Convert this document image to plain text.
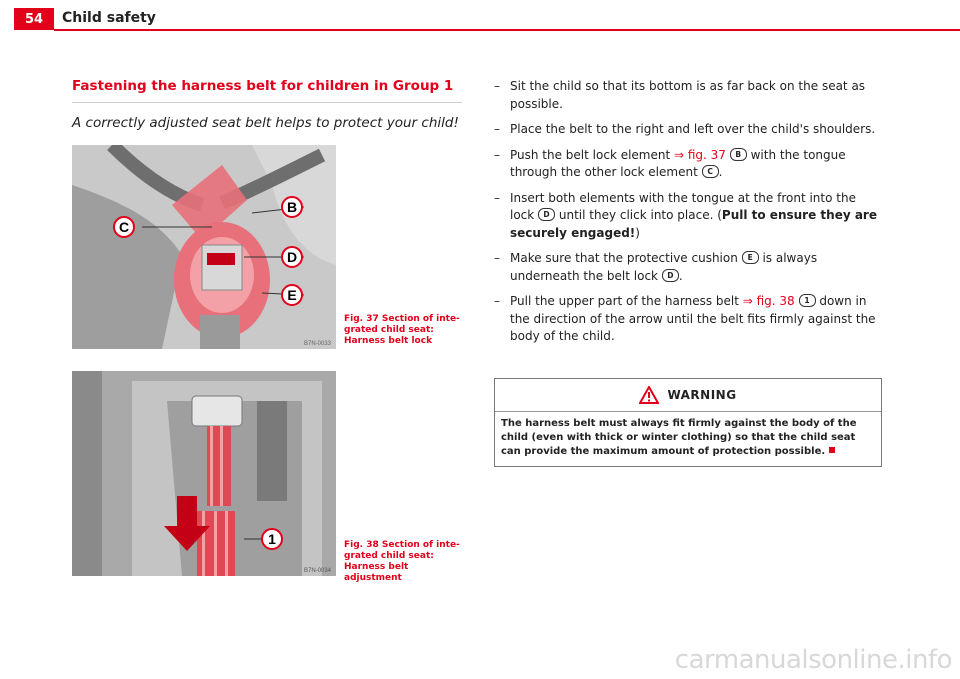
54	Child safety
Fastening the harness belt for children in Group 1
A correctly adjusted seat belt helps to protect your child!
B
C
D
E
B7N-0033
Fig. 37 Section of inte-grated child seat: Harness belt lock
1
B7N-0034
Fig. 38 Section of inte-grated child seat: Harness belt adjustment
– Sit the child so that its bottom is as far back on the seat as possible.
– Place the belt to the right and left over the child's shoulders.
– Push the belt lock element ⇒ fig. 37 B with the tongue through the other lock element C .
– Insert both elements with the tongue at the front into the lock D until they click into place. (Pull to ensure they are securely engaged!)
– Make sure that the protective cushion E is always underneath the belt lock D .
– Pull the upper part of the harness belt ⇒ fig. 38 1 down in the direction of the arrow until the belt fits firmly against the body of the child.
WARNING
The harness belt must always fit firmly against the body of the child (even with thick or winter clothing) so that the child seat can provide the maximum amount of protection possible.
carmanualsonline.info
